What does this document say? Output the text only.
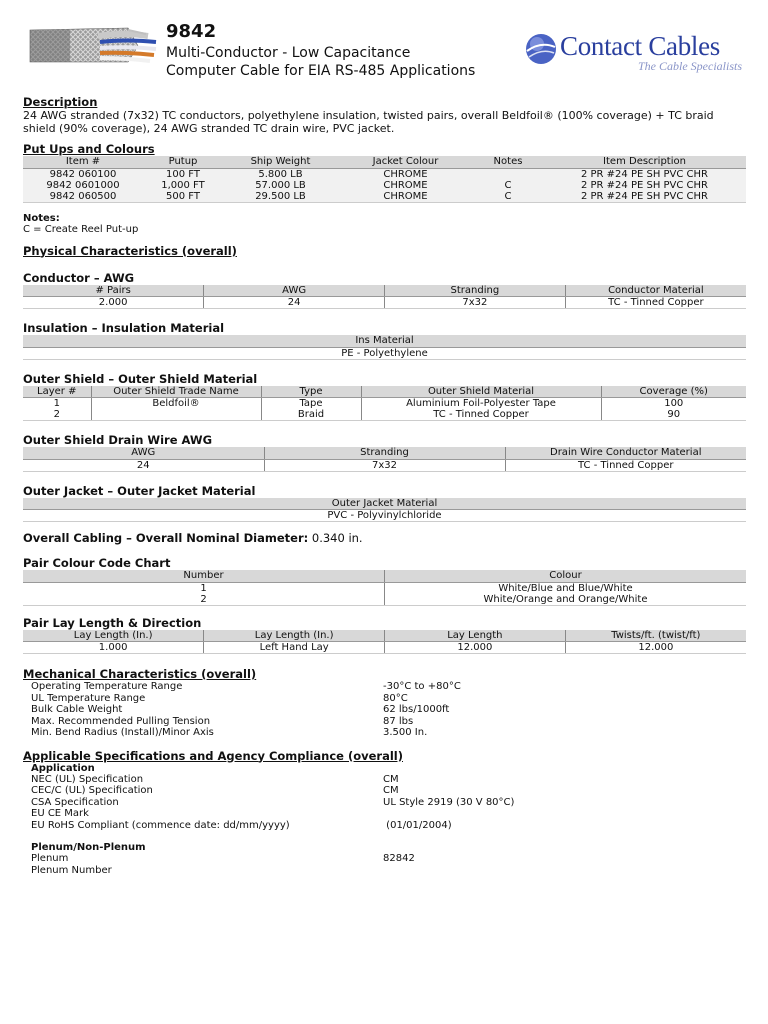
9842
Multi-Conductor - Low Capacitance
Computer Cable for EIA RS-485 Applications
Contact Cables
The Cable Specialists
Description
24 AWG stranded (7x32) TC conductors, polyethylene insulation, twisted pairs, overall Beldfoil® (100% coverage) + TC braid shield (90% coverage), 24 AWG stranded TC drain wire, PVC jacket.
Put Ups and Colours
Item #	Putup	Ship Weight	Jacket Colour	Notes	Item Description
9842 060100	100 FT	5.800 LB	CHROME		2 PR #24 PE SH PVC CHR
9842 0601000	1,000 FT	57.000 LB	CHROME	C	2 PR #24 PE SH PVC CHR
9842 060500	500 FT	29.500 LB	CHROME	C	2 PR #24 PE SH PVC CHR
Notes:
C = Create Reel Put-up
Physical Characteristics (overall)
Conductor – AWG
# Pairs	AWG	Stranding	Conductor Material
2.000	24	7x32	TC - Tinned Copper
Insulation – Insulation Material
Ins Material
PE - Polyethylene
Outer Shield – Outer Shield Material
Layer #	Outer Shield Trade Name	Type	Outer Shield Material	Coverage (%)
1	Beldfoil®	Tape	Aluminium Foil-Polyester Tape	100
2		Braid	TC - Tinned Copper	90
Outer Shield Drain Wire AWG
AWG	Stranding	Drain Wire Conductor Material
24	7x32	TC - Tinned Copper
Outer Jacket – Outer Jacket Material
Outer Jacket Material
PVC - Polyvinylchloride
Overall Cabling – Overall Nominal Diameter: 0.340 in.
Pair Colour Code Chart
Number	Colour
1	White/Blue and Blue/White
2	White/Orange and Orange/White
Pair Lay Length & Direction
Lay Length (In.)	Lay Length (In.)	Lay Length	Twists/ft. (twist/ft)
1.000	Left Hand Lay	12.000	12.000
Mechanical Characteristics (overall)
Operating Temperature Range	-30°C to +80°C
UL Temperature Range	80°C
Bulk Cable Weight	62 lbs/1000ft
Max. Recommended Pulling Tension	87 lbs
Min. Bend Radius (Install)/Minor Axis	3.500 In.
Applicable Specifications and Agency Compliance (overall)
Application
NEC (UL) Specification	CM
CEC/C (UL) Specification	CM
CSA Specification	UL Style 2919 (30 V 80°C)
EU CE Mark	
EU RoHS Compliant (commence date: dd/mm/yyyy)	(01/01/2004)
Plenum/Non-Plenum
Plenum	82842
Plenum Number	
